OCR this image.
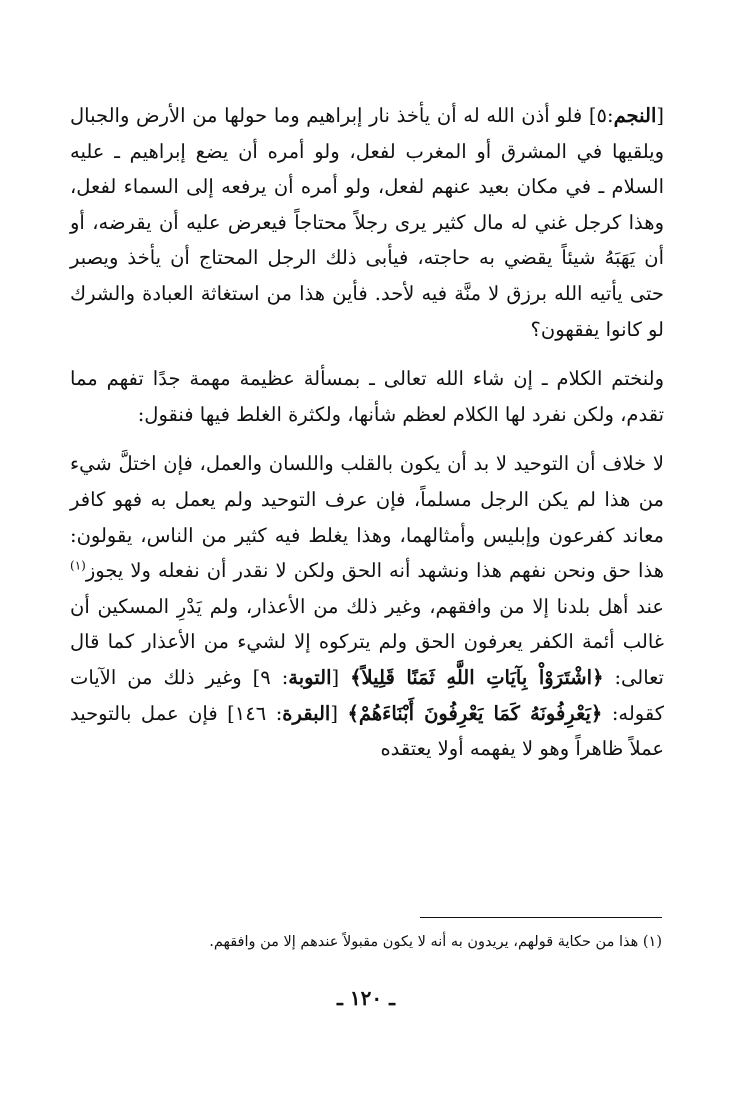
[النجم:٥] فلو أذن الله له أن يأخذ نار إبراهيم وما حولها من الأرض والجبال ويلقيها في المشرق أو المغرب لفعل، ولو أمره أن يضع إبراهيم ـ عليه السلام ـ في مكان بعيد عنهم لفعل، ولو أمره أن يرفعه إلى السماء لفعل، وهذا كرجل غني له مال كثير يرى رجلاً محتاجاً فيعرض عليه أن يقرضه، أو أن يَهَبَهُ شيئاً يقضي به حاجته، فيأبى ذلك الرجل المحتاج أن يأخذ ويصبر حتى يأتيه الله برزق لا منَّة فيه لأحد. فأين هذا من استغاثة العبادة والشرك لو كانوا يفقهون؟

ولنختم الكلام ـ إن شاء الله تعالى ـ بمسألة عظيمة مهمة جدًا تفهم مما تقدم، ولكن نفرد لها الكلام لعظم شأنها، ولكثرة الغلط فيها فنقول:

لا خلاف أن التوحيد لا بد أن يكون بالقلب واللسان والعمل، فإن اختلَّ شيء من هذا لم يكن الرجل مسلماً، فإن عرف التوحيد ولم يعمل به فهو كافر معاند كفرعون وإبليس وأمثالهما، وهذا يغلط فيه كثير من الناس، يقولون: هذا حق ونحن نفهم هذا ونشهد أنه الحق ولكن لا نقدر أن نفعله ولا يجوز$^{(١)}$ عند أهل بلدنا إلا من وافقهم، وغير ذلك من الأعذار، ولم يَدْرِ المسكين أن غالب أئمة الكفر يعرفون الحق ولم يتركوه إلا لشيء من الأعذار كما قال تعالى: ﴿اشْتَرَوْاْ بِآيَاتِ اللَّهِ ثَمَنًا قَلِيلاً﴾ [التوبة: ٩] وغير ذلك من الآيات كقوله: ﴿يَعْرِفُونَهُ كَمَا يَعْرِفُونَ أَبْنَاءَهُمْ﴾ [البقرة: ١٤٦] فإن عمل بالتوحيد عملاً ظاهراً وهو لا يفهمه أولا يعتقده

(١) هذا من حكاية قولهم، يريدون به أنه لا يكون مقبولاً عندهم إلا من وافقهم.

ـ ١٢٠ ـ
